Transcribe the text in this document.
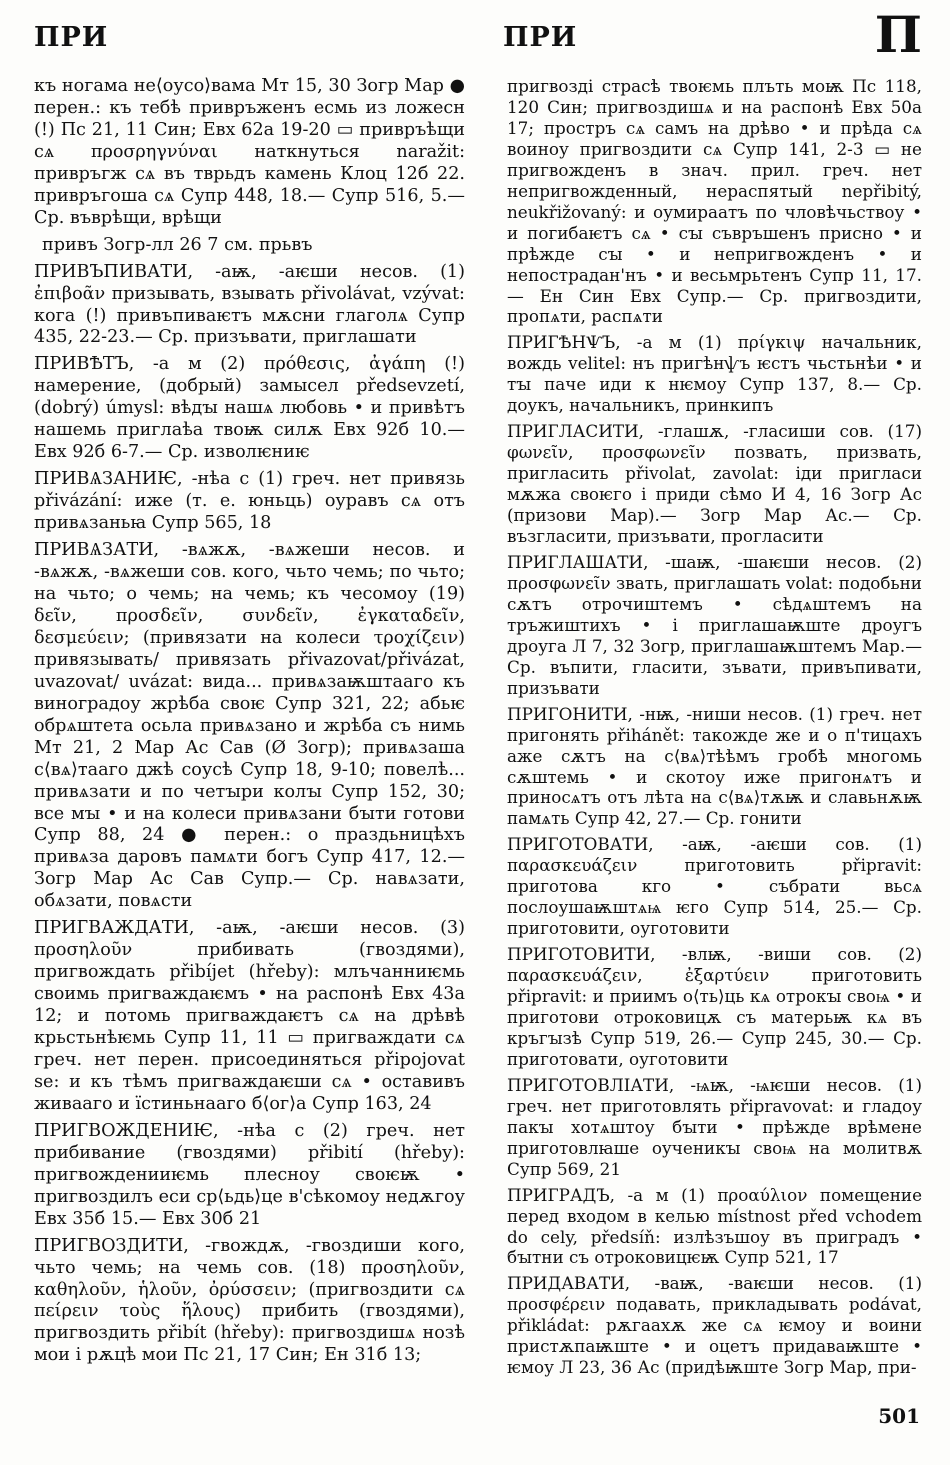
ПРИ	ПРИ	П

къ ногама не⟨оусо⟩вама Мт 15, 30 Зогр Мар ● перен.: къ тебѣ привръженъ есмь из ложесн (!) Пс 21, 11 Син; Евх 62а 19-20 ▭ привръѣщи сѧ προσρηγνύναι наткнуться naražit: привръгж сѧ въ тврьдъ камень Клоц 12б 22. привръгоша сѧ Супр 448, 18.— Супр 516, 5.— Ср. въврѣщи, врѣщи

привъ Зогр-лл 26 7 см. прьвъ

ПРИВЪПИВАТИ, -аѭ, -аѥши несов. (1) ἐπιβοᾶν призывать, взывать přivolávat, vzývat: кога (!) привъпиваѥтъ мѫсни глаголѧ Супр 435, 22-23.— Ср. призъвати, приглашати

ПРИВѢТЪ, -а м (2) πρόθεσις, ἀγάπη (!) намерение, (добрый) замысел předsevzetí, (dobrý) úmysl: вѣдꙑ нашѧ любовь • и привѣтъ нашемь приглаѣа твоѭ силѫ Евх 92б 10.— Евх 92б 6-7.— Ср. изволѥниѥ

ПРИВѦЗАНИѤ, -нѣа с (1) греч. нет привязь přivázání: иже (т. е. юньць) оуравъ сѧ отъ привѧзаньꙗ Супр 565, 18

ПРИВѦЗАТИ, -вѧжѫ, -вѧжеши несов. и -вѧжѫ, -вѧжеши сов. кого, чьто чемь; по чьто; на чьто; о чемь; на чемь; къ чесомоу (19) δεῖν, προσδεῖν, συνδεῖν, ἐγκαταδεῖν, δεσμεύειν; (привязати на колеси τροχίζειν) привязывать/ привязать přivazovat/přivázat, uvazovat/ uvázat: вида... привѧзаѭштааго къ виноградоу жрѣба своѥ Супр 321, 22; абьѥ обрѧштета осьла привѧзано и жрѣба съ нимь Мт 21, 2 Мар Ас Сав (Ø Зогр); привѧзаша с⟨вѧ⟩тааго джѣ соусѣ Супр 18, 9-10; повелѣ... привѧзати и по четꙑри колꙑ Супр 152, 30; все мꙑ • и на колеси привѧзани бꙑти готови Супр 88, 24 ● перен.: о праздьницѣхъ привѧза даровъ памѧти богъ Супр 417, 12.— Зогр Мар Ас Сав Супр.— Ср. навѧзати, обѧзати, повѧсти

ПРИГВАЖДАТИ, -аѭ, -аѥши несов. (3) προσηλοῦν прибивать (гвоздями), пригвождать přibíjet (hřeby): млъчанниѥмь своимь пригваждаѥмъ • на распонѣ Евх 43а 12; и потомь пригваждаѥтъ сѧ на дрѣвѣ крьстьнѣѥмь Супр 11, 11 ▭ пригваждати сѧ греч. нет перен. присоединяться připojovat se: и къ тѣмъ пригваждаѥши сѧ • оставивъ живааго и їстиньнааго б⟨ог⟩а Супр 163, 24

ПРИГВОЖДЕНИѤ, -нѣа с (2) греч. нет прибивание (гвоздями) přibití (hřeby): пригвожденииѥмь плесноу своѥѭ • пригвоздилъ еси ср⟨ьдь⟩це в'сѣкомоу недѫгоу Евх 35б 15.— Евх 30б 21

ПРИГВОЗДИТИ, -гвождѫ, -гвоздиши кого, чьто чемь; на чемь сов. (18) προσηλοῦν, καθηλοῦν, ἡλοῦν, ὀρύσσειν; (пригвоздити сѧ πείρειν τοὺς ἥλους) прибить (гвоздями), пригвоздить přibít (hřeby): пригвоздишѧ нозѣ мои і рѫцѣ мои Пс 21, 17 Син; Ен 31б 13;

пригвозді страсѣ твоѥмь плъть моѭ Пс 118, 120 Син; пригвоздишѧ и на распонѣ Евх 50а 17; простръ сѧ самъ на дрѣво • и прѣда сѧ воиноу пригвоздити сѧ Супр 141, 2-3 ▭ не пригвожденъ в знач. прил. греч. нет непригвожденный, нераспятый nepřibitý, neukřižovaný: и оумираатъ по чловѣчьствоу • и погибаѥтъ сѧ • сꙑ съвръшенъ присно • и прѣжде сꙑ • и непригвожденъ • и непострадан'нъ • и весьмрьтенъ Супр 11, 17.— Ен Син Евх Супр.— Ср. пригвоздити, пропѧти, распѧти

ПРИГѢНѰЪ, -а м (1) πρίγκιψ начальник, вождь velitel: нъ пригѣнѱъ ѥстъ чьстьнѣи • и тꙑ паче иди к нѥмоу Супр 137, 8.— Ср. доукъ, начальникъ, принкипъ

ПРИГЛАСИТИ, -глашѫ, -гласиши сов. (17) φωνεῖν, προσφωνεῖν позвать, призвать, пригласить přivolat, zavolat: іди пригласи мѫжа своѥго і приди сѣмо И 4, 16 Зогр Ас (призови Мар).— Зогр Мар Ас.— Ср. възгласити, призъвати, прогласити

ПРИГЛАШАТИ, -шаѭ, -шаѥши несов. (2) προσφωνεῖν звать, приглашать volat: подобьни сѫтъ отрочиштемъ • сѣдѧштемъ на тръжиштихъ • і приглашаѭште дроугъ дроуга Л 7, 32 Зогр, приглашаѭштемъ Мар.— Ср. въпити, гласити, зъвати, привъпивати, призъвати

ПРИГОНИТИ, -нѭ, -ниши несов. (1) греч. нет пригонять přihánět: такожде же и о п'тицахъ аже сѫтъ на с⟨вѧ⟩тѣѣмъ гробѣ многомь сѫштемь • и скотоу иже пригонѧтъ и приносѧтъ отъ лѣта на с⟨вѧ⟩тѫѭ и славьнѫѭ памѧть Супр 42, 27.— Ср. гонити

ПРИГОТОВАТИ, -аѭ, -аѥши сов. (1) παρασκευάζειν приготовить připravit: приготова кго • събрати вьсѧ послоушаѭштѧѩ ѥго Супр 514, 25.— Ср. приготовити, оуготовити

ПРИГОТОВИТИ, -влѭ, -виши сов. (2) παρασκευάζειν, ἐξαρτύειν приготовить připravit: и приимъ о⟨ть⟩ць кѧ отрокꙑ своѩ • и приготови отроковицѫ съ матерьѭ кѧ въ кръгꙑзѣ Супр 519, 26.— Супр 245, 30.— Ср. приготовати, оуготовити

ПРИГОТОВЛІАТИ, -ѩѭ, -ѩѥши несов. (1) греч. нет приготовлять připravovat: и гладоу пакꙑ хотѧштоу бꙑти • прѣжде врѣмене приготовлꙗше оученикꙑ своѩ на молитвѫ Супр 569, 21

ПРИГРАДЪ, -а м (1) προαύλιον помещение перед входом в келью místnost před vchodem do cely, předsíň: излѣзъшоу въ приградъ • бꙑтни съ отроковицѥѭ Супр 521, 17

ПРИДАВАТИ, -ваѭ, -ваѥши несов. (1) προσφέρειν подавать, прикладывать podávat, přikládat: рѫгаахѫ же сѧ ѥмоу и воини пристѫпаѭште • и оцетъ придаваѭште • ѥмоу Л 23, 36 Ас (придѣѭште Зогр Мар, при-

501
